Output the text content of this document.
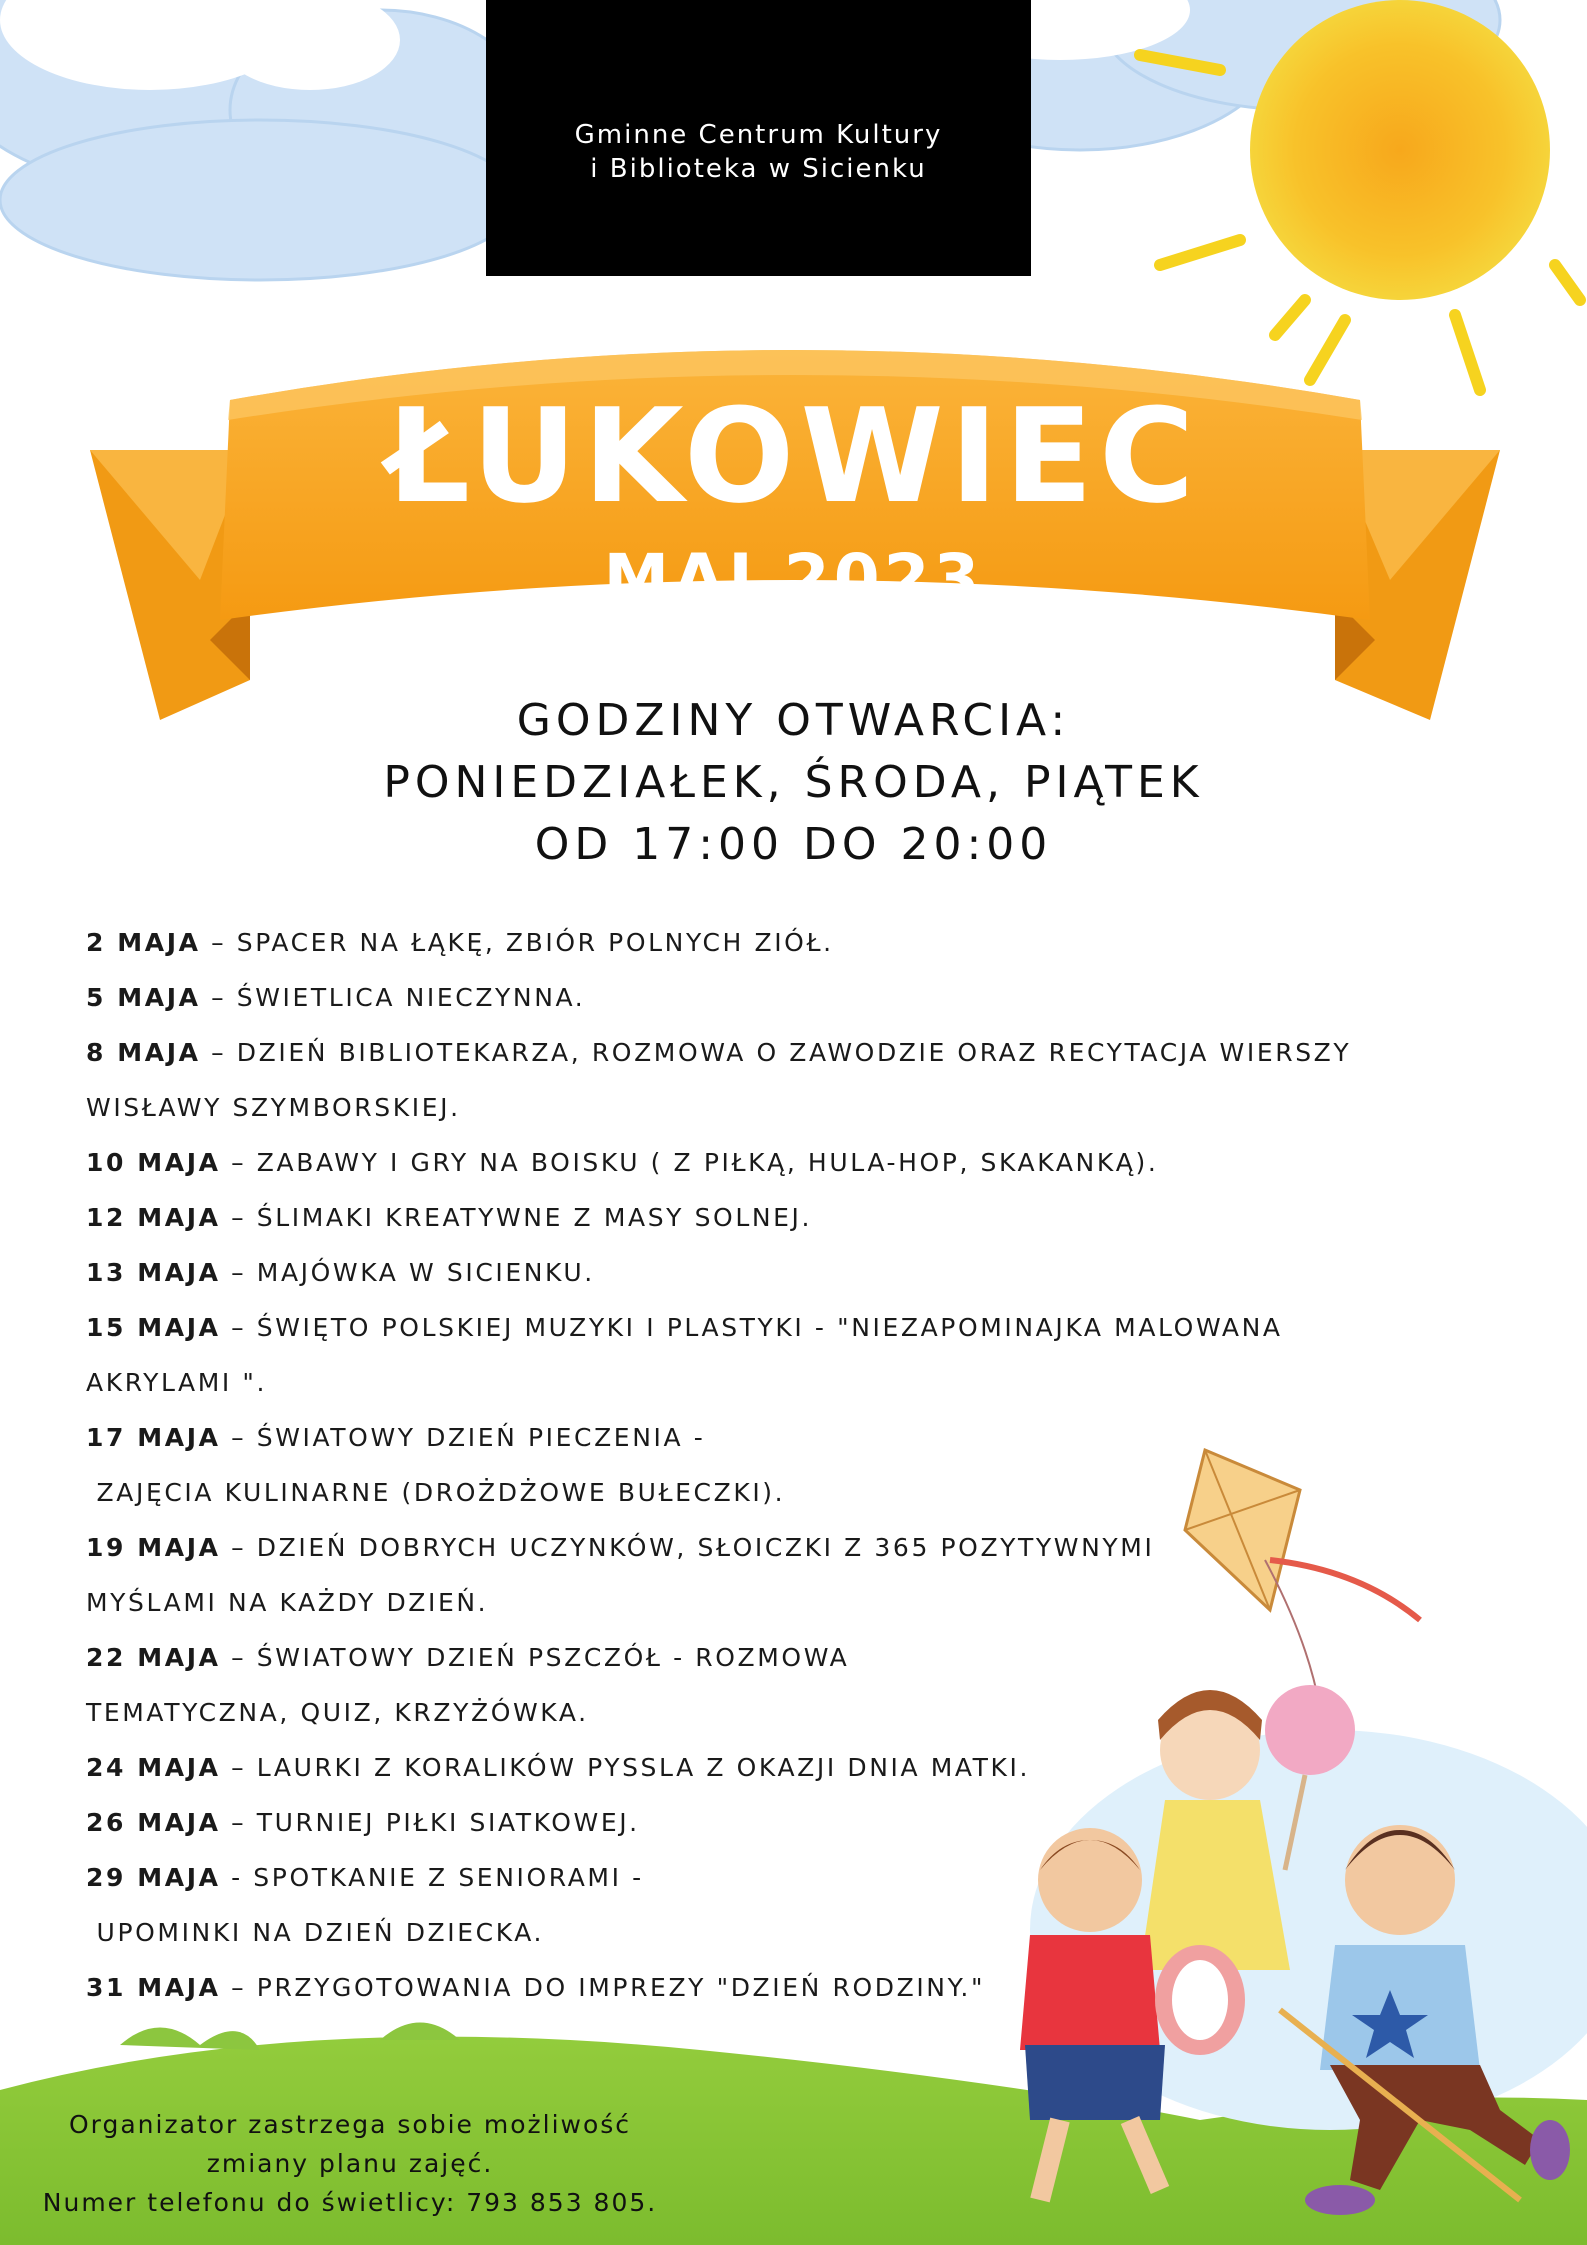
Gminne Centrum Kultury
i Biblioteka w Sicienku
ŁUKOWIEC
MAJ 2023
GODZINY OTWARCIA:
PONIEDZIAŁEK, ŚRODA, PIĄTEK
OD 17:00 DO 20:00
2 MAJA – SPACER NA ŁĄKĘ, ZBIÓR POLNYCH ZIÓŁ.
5 MAJA – ŚWIETLICA NIECZYNNA.
8 MAJA – DZIEŃ BIBLIOTEKARZA, ROZMOWA O ZAWODZIE ORAZ RECYTACJA WIERSZY
WISŁAWY SZYMBORSKIEJ.
10 MAJA – ZABAWY I GRY NA BOISKU ( Z PIŁKĄ, HULA-HOP, SKAKANKĄ).
12 MAJA – ŚLIMAKI KREATYWNE Z MASY SOLNEJ.
13 MAJA – MAJÓWKA W SICIENKU.
15 MAJA – ŚWIĘTO POLSKIEJ MUZYKI I PLASTYKI - "NIEZAPOMINAJKA MALOWANA
AKRYLAMI ".
17 MAJA – ŚWIATOWY DZIEŃ PIECZENIA -
ZAJĘCIA KULINARNE (DROŻDŻOWE BUŁECZKI).
19 MAJA – DZIEŃ DOBRYCH UCZYNKÓW, SŁOICZKI Z 365 POZYTYWNYMI
MYŚLAMI NA KAŻDY DZIEŃ.
22 MAJA – ŚWIATOWY DZIEŃ PSZCZÓŁ - ROZMOWA
TEMATYCZNA, QUIZ, KRZYŻÓWKA.
24 MAJA – LAURKI Z KORALIKÓW PYSSLA Z OKAZJI DNIA MATKI.
26 MAJA – TURNIEJ PIŁKI SIATKOWEJ.
29 MAJA - SPOTKANIE Z SENIORAMI -
UPOMINKI NA DZIEŃ DZIECKA.
31 MAJA – PRZYGOTOWANIA DO IMPREZY "DZIEŃ RODZINY."
Organizator zastrzega sobie możliwość
zmiany planu zajęć.
Numer telefonu do świetlicy: 793 853 805.
